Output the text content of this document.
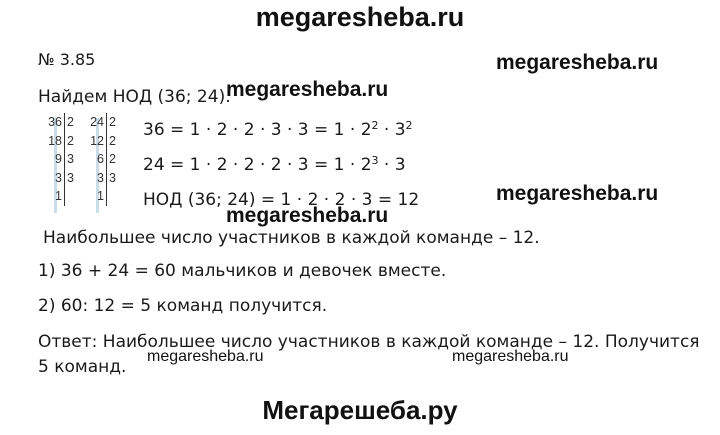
megaresheba.ru
№ 3.85	megaresheba.ru
Найдем НОД (36; 24).
megaresheba.ru
36	2
18	2
9	3
3	3
1	
24	2
12	2
6	2
3	3
1	
$36 = 1 \cdot 2 \cdot 2 \cdot 3 \cdot 3 = 1 \cdot 2^2 \cdot 3^2$
$24 = 1 \cdot 2 \cdot 2 \cdot 2 \cdot 3 = 1 \cdot 2^3 \cdot 3$
НОД (36; 24) = 1 · 2 · 2 · 3 = 12	megaresheba.ru
megaresheba.ru
Наибольшее число участников в каждой команде – 12.
1) 36 + 24 = 60 мальчиков и девочек вместе.
2) 60: 12 = 5 команд получится.
Ответ: Наибольшее число участников в каждой команде – 12. Получится
megaresheba.ru	megaresheba.ru
5 команд.
Мегарешеба.ру
